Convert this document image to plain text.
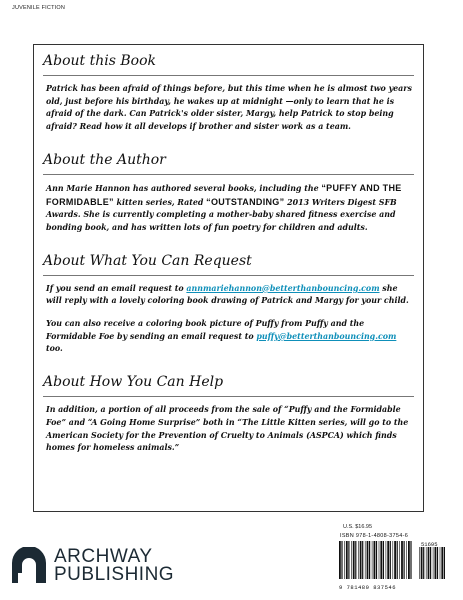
JUVENILE FICTION
About this Book

Patrick has been afraid of things before, but this time when he is almost two years old, just before his birthday, he wakes up at midnight —only to learn that he is afraid of the dark. Can Patrick's older sister, Margy, help Patrick to stop being afraid? Read how it all develops if brother and sister work as a team.

About the Author

Ann Marie Hannon has authored several books, including the “PUFFY AND THE FORMIDABLE” kitten series, Rated “OUTSTANDING” 2013 Writers Digest SFB Awards. She is currently completing a mother-baby shared fitness exercise and bonding book, and has written lots of fun poetry for children and adults.

About What You Can Request

If you send an email request to annmariehannon@betterthanbouncing.com she will reply with a lovely coloring book drawing of Patrick and Margy for your child.

You can also receive a coloring book picture of Puffy from Puffy and the Formidable Foe by sending an email request to puffy@betterthanbouncing.com too.

About How You Can Help

In addition, a portion of all proceeds from the sale of “Puffy and the Formidable Foe” and “A Going Home Surprise” both in “The Little Kitten series, will go to the American Society for the Prevention of Cruelty to Animals (ASPCA) which finds homes for homeless animals.”

U.S. $16.95
ISBN 978-1-4808-3754-6
51695
9 781480 837546
ARCHWAY
PUBLISHING
